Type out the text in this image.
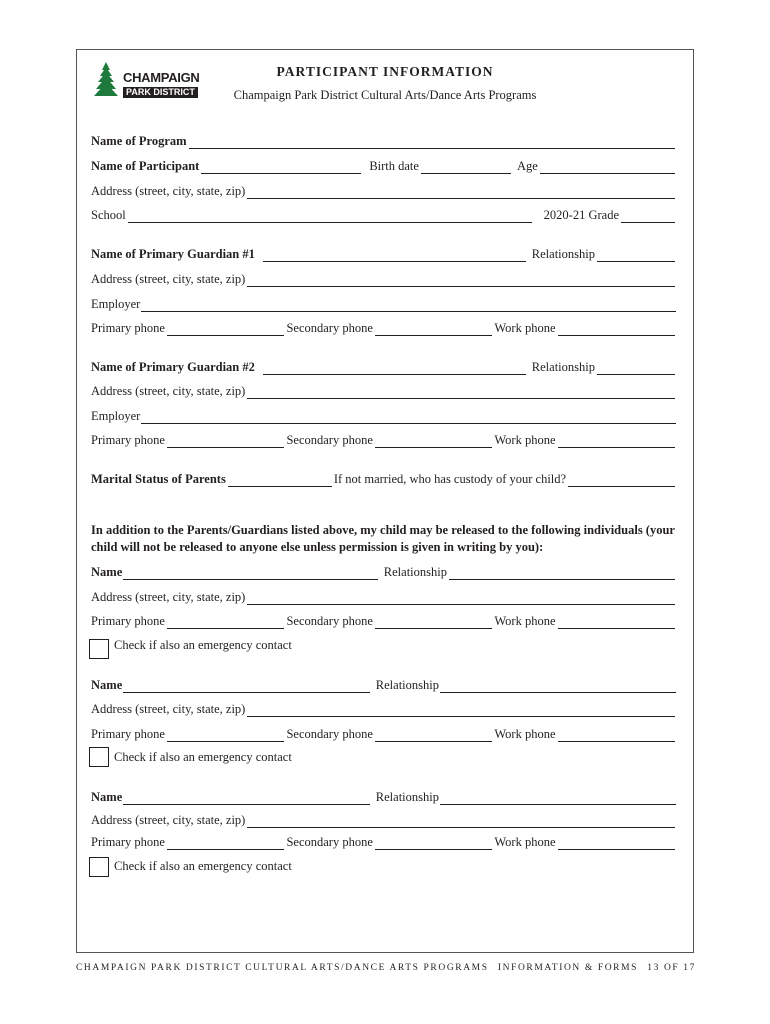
CHAMPAIGN
PARK DISTRICT
PARTICIPANT INFORMATION
Champaign Park District Cultural Arts/Dance Arts Programs
Name of Program
Name of Participant	Birth date	Age
Address (street, city, state, zip)
School	2020-21 Grade
Name of Primary Guardian #1	Relationship
Address (street, city, state, zip)
Employer
Primary phone	Secondary phone	Work phone
Name of Primary Guardian #2	Relationship
Address (street, city, state, zip)
Employer
Primary phone	Secondary phone	Work phone
Marital Status of Parents	If not married, who has custody of your child?
In addition to the Parents/Guardians listed above, my child may be released to the following individuals (your child will not be released to anyone else unless permission is given in writing by you):
Name	Relationship
Address (street, city, state, zip)
Primary phone	Secondary phone	Work phone
Check if also an emergency contact
Name	Relationship
Address (street, city, state, zip)
Primary phone	Secondary phone	Work phone
Check if also an emergency contact
Name	Relationship
Address (street, city, state, zip)
Primary phone	Secondary phone	Work phone
Check if also an emergency contact
CHAMPAIGN PARK DISTRICT CULTURAL ARTS/DANCE ARTS PROGRAMS INFORMATION & FORMS 13 OF 17
